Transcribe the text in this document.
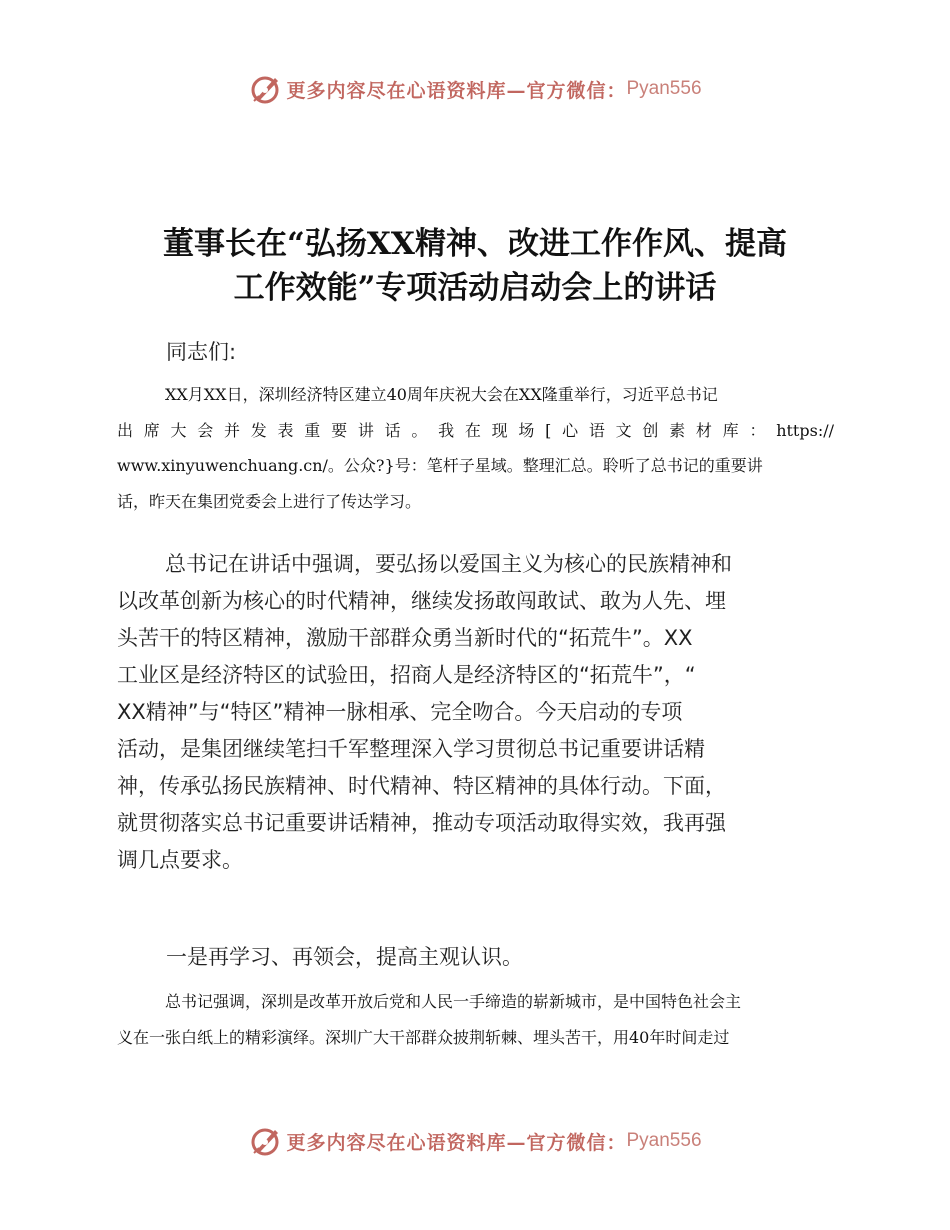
更多内容尽在心语资料库—官方微信： Pyan556
董事长在“弘扬XX精神、改进工作作风、提高
工作效能”专项活动启动会上的讲话
同志们:
XX月XX日，深圳经济特区建立40周年庆祝大会在XX隆重举行，习近平总书记
出席大会并发表重要讲话。我在现场[心语文创素材库：https://
www.xinyuwenchuang.cn/。公众?}号：笔杆子星域。整理汇总。聆听了总书记的重要讲
话，昨天在集团党委会上进行了传达学习。
总书记在讲话中强调，要弘扬以爱国主义为核心的民族精神和
以改革创新为核心的时代精神，继续发扬敢闯敢试、敢为人先、埋
头苦干的特区精神，激励干部群众勇当新时代的“拓荒牛”。XX
工业区是经济特区的试验田，招商人是经济特区的“拓荒牛”，“
XX精神”与“特区”精神一脉相承、完全吻合。今天启动的专项
活动，是集团继续笔扫千军整理深入学习贯彻总书记重要讲话精
神，传承弘扬民族精神、时代精神、特区精神的具体行动。下面，
就贯彻落实总书记重要讲话精神，推动专项活动取得实效，我再强
调几点要求。
一是再学习、再领会，提高主观认识。
总书记强调，深圳是改革开放后党和人民一手缔造的崭新城市，是中国特色社会主
义在一张白纸上的精彩演绎。深圳广大干部群众披荆斩棘、埋头苦干，用40年时间走过
更多内容尽在心语资料库—官方微信： Pyan556
